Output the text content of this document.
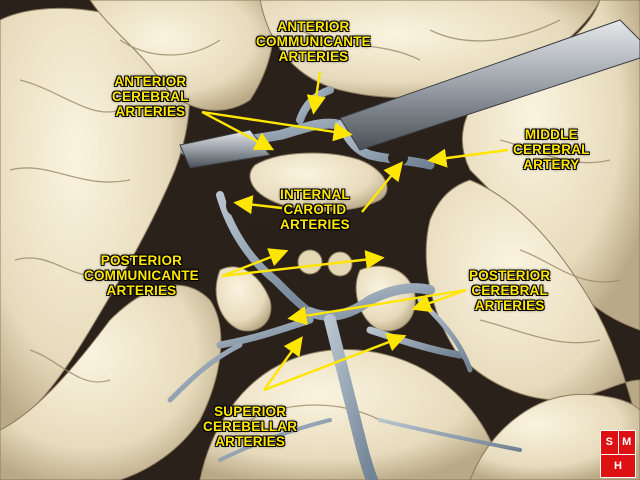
ANTERIOR
COMMUNICANTE
ARTERIES
ANTERIOR
CEREBRAL
ARTERIES
MIDDLE
CEREBRAL
ARTERY
INTERNAL
CAROTID
ARTERIES
POSTERIOR
COMMUNICANTE
ARTERIES
POSTERIOR
CEREBRAL
ARTERIES
SUPERIOR
CEREBELLAR
ARTERIES	S M
H
